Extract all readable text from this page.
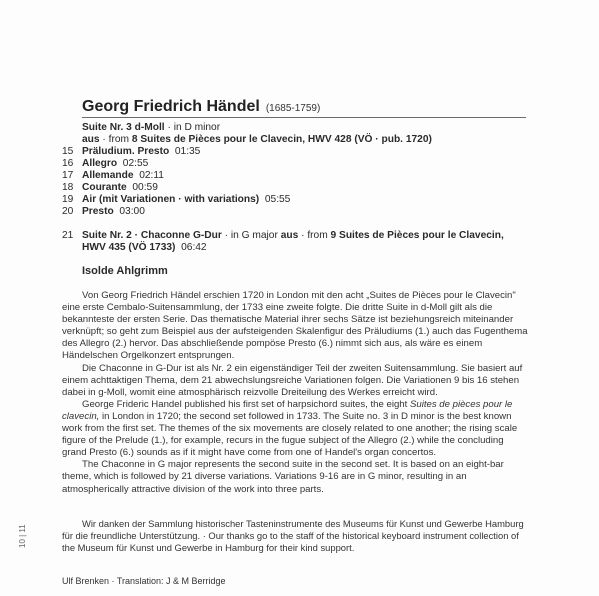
Georg Friedrich Händel (1685-1759)
Suite Nr. 3 d-Moll · in D minor
aus · from 8 Suites de Pièces pour le Clavecin, HWV 428 (VÖ · pub. 1720)
15 Präludium. Presto 01:35
16 Allegro 02:55
17 Allemande 02:11
18 Courante 00:59
19 Air (mit Variationen · with variations) 05:55
20 Presto 03:00
21 Suite Nr. 2 · Chaconne G-Dur · in G major aus · from 9 Suites de Pièces pour le Clavecin,
HWV 435 (VÖ 1733) 06:42
Isolde Ahlgrimm

Von Georg Friedrich Händel erschien 1720 in London mit den acht „Suites de Pièces pour le Clavecin" eine erste Cembalo-Suitensammlung, der 1733 eine zweite folgte. Die dritte Suite in d-Moll gilt als die bekannteste der ersten Serie. Das thematische Material ihrer sechs Sätze ist beziehungsreich miteinander verknüpft; so geht zum Beispiel aus der aufsteigenden Skalenfigur des Präludiums (1.) auch das Fugenthema des Allegro (2.) hervor. Das abschließende pompöse Presto (6.) nimmt sich aus, als wäre es einem Händelschen Orgelkonzert entsprungen.

Die Chaconne in G-Dur ist als Nr. 2 ein eigenständiger Teil der zweiten Suitensammlung. Sie basiert auf einem achttaktigen Thema, dem 21 abwechslungsreiche Variationen folgen. Die Variationen 9 bis 16 stehen dabei in g-Moll, womit eine atmosphärisch reizvolle Dreiteilung des Werkes erreicht wird.

George Frideric Handel published his first set of harpsichord suites, the eight Suites de pièces pour le clavecin, in London in 1720; the second set followed in 1733. The Suite no. 3 in D minor is the best known work from the first set. The themes of the six movements are closely related to one another; the rising scale figure of the Prelude (1.), for example, recurs in the fugue subject of the Allegro (2.) while the concluding grand Presto (6.) sounds as if it might have come from one of Handel's organ concertos.

The Chaconne in G major represents the second suite in the second set. It is based on an eight-bar theme, which is followed by 21 diverse variations. Variations 9-16 are in G minor, resulting in an atmospherically attractive division of the work into three parts.

Wir danken der Sammlung historischer Tasteninstrumente des Museums für Kunst und Gewerbe Hamburg für die freundliche Unterstützung. · Our thanks go to the staff of the historical keyboard instrument collection of the Museum für Kunst und Gewerbe in Hamburg for their kind support.

Ulf Brenken · Translation: J & M Berridge
10 | 11
